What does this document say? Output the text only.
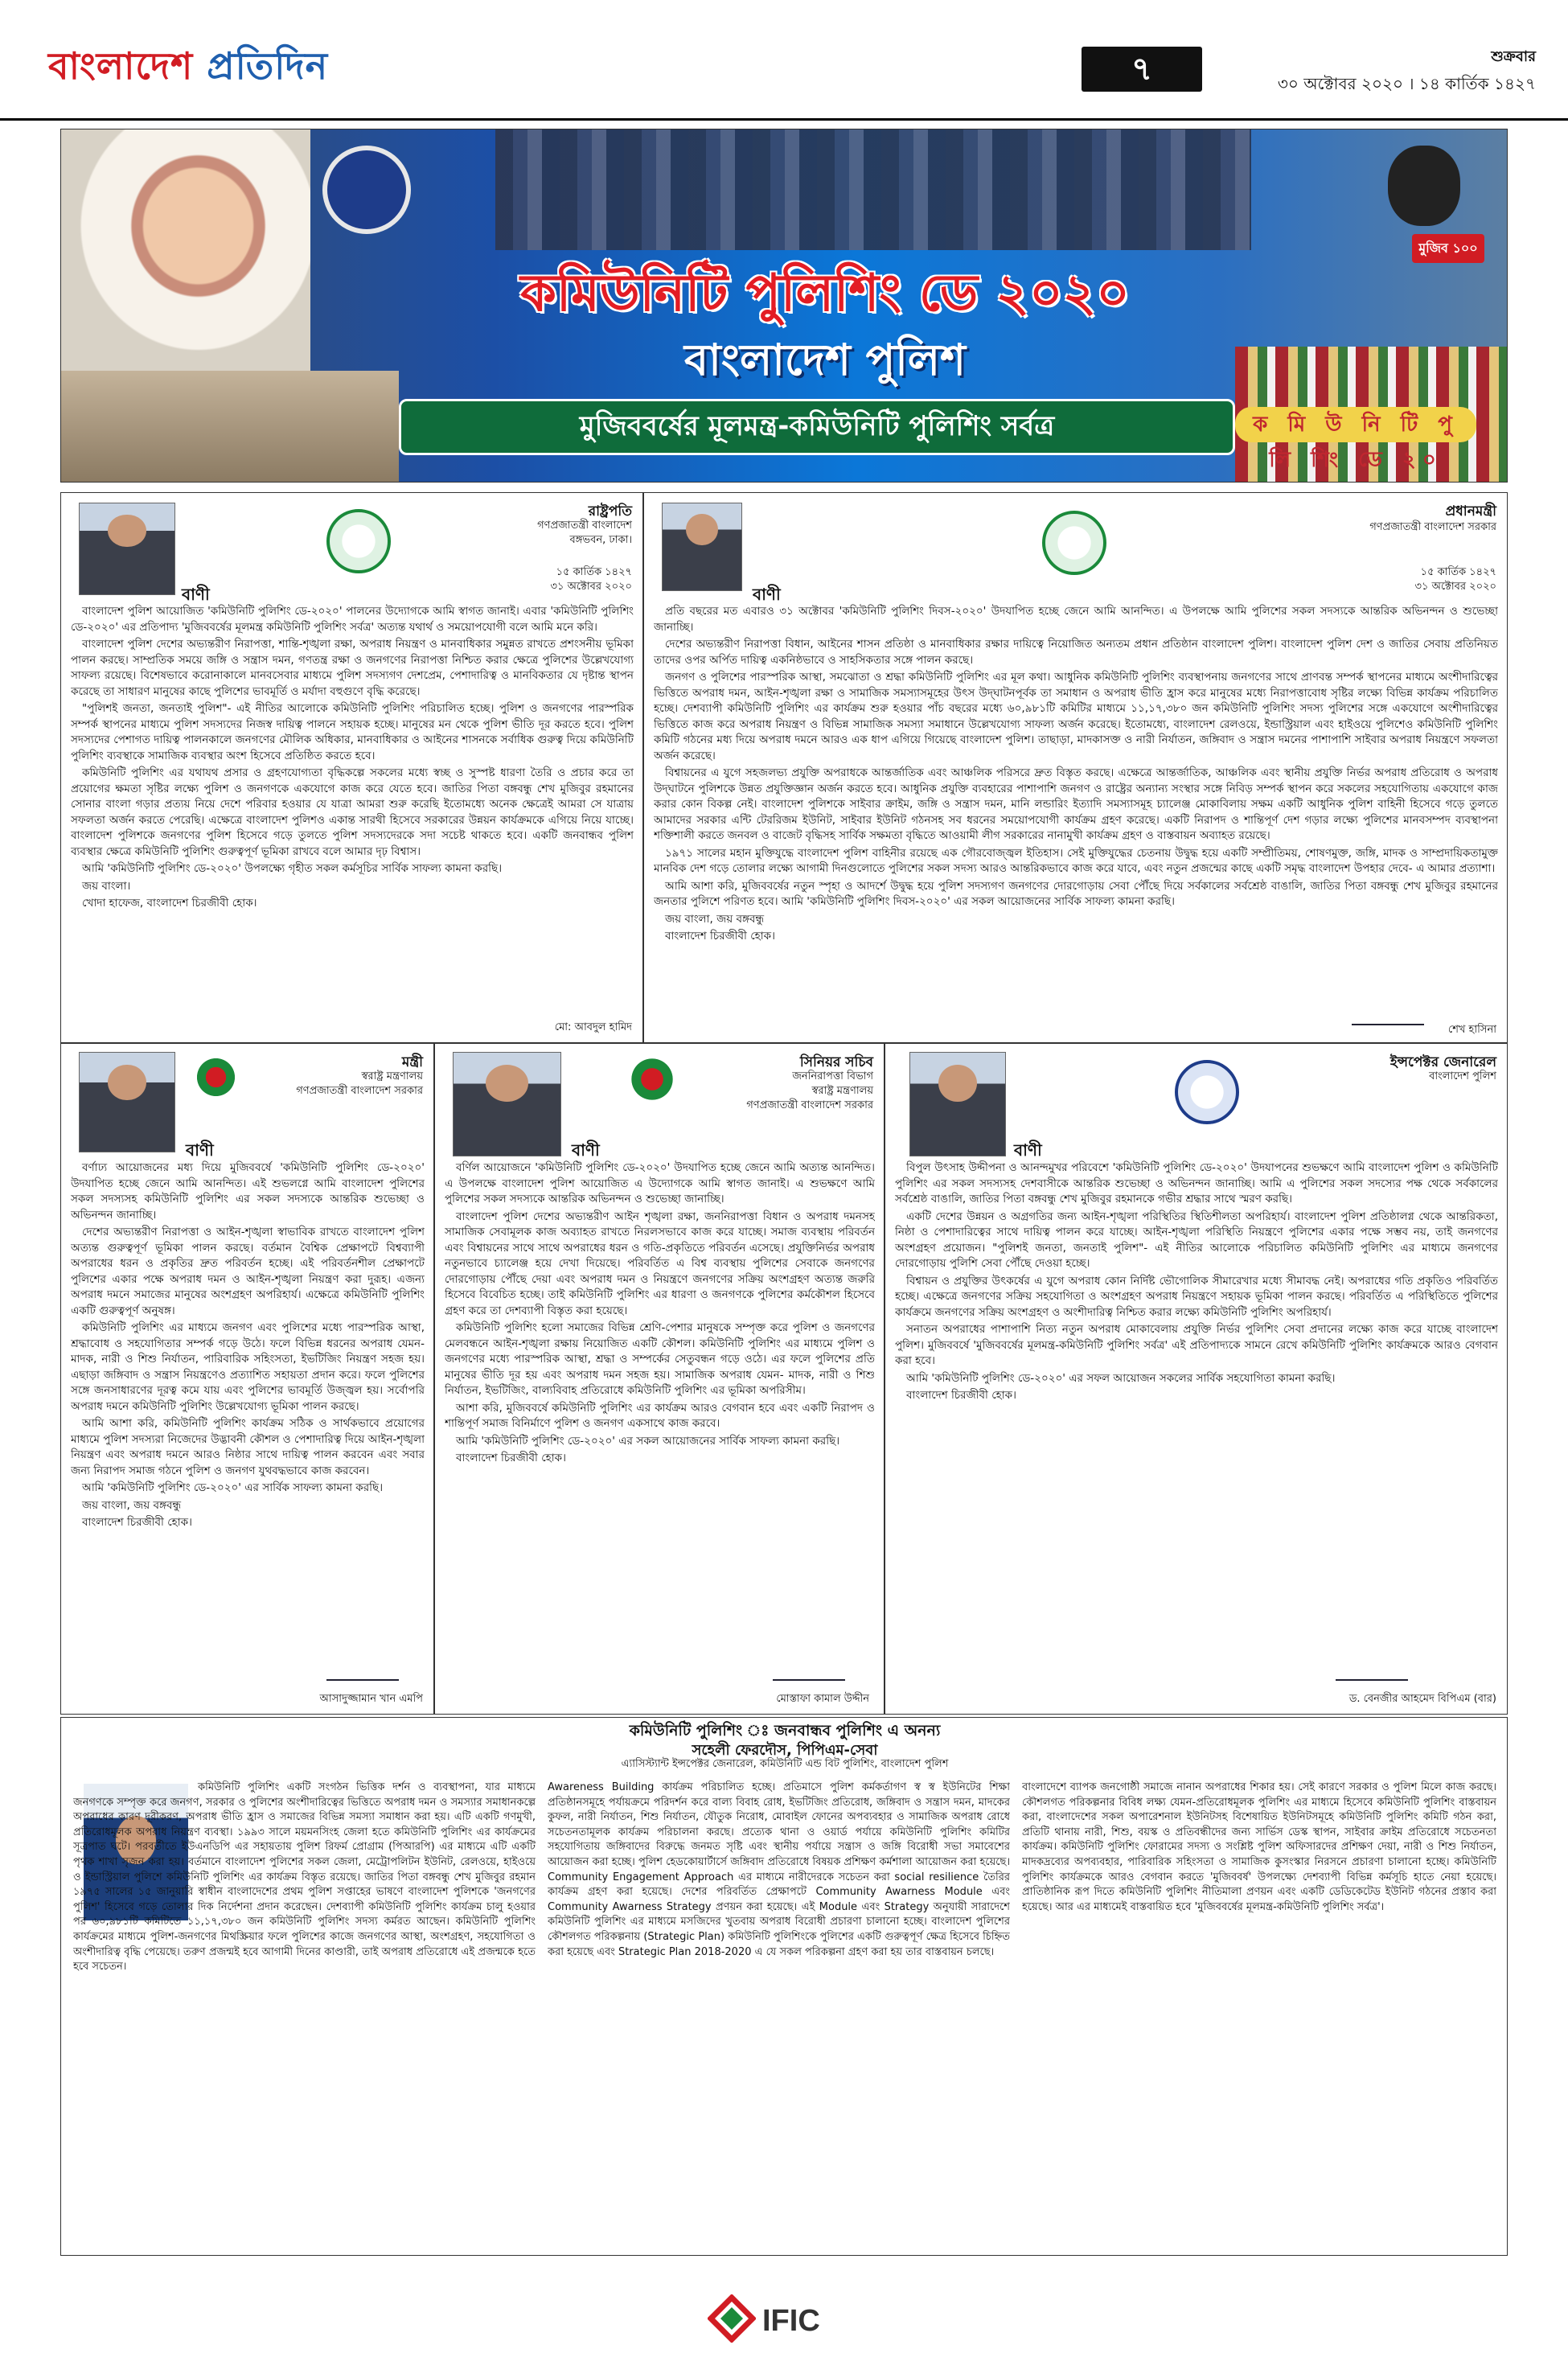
বাংলাদেশ প্রতিদিন	৭	শুক্রবার
৩০ অক্টোবর ২০২০ । ১৪ কার্তিক ১৪২৭
মুজিব ১০০
কমিউনিটি পুলিশিং ডে ২০২০
বাংলাদেশ পুলিশ
মুজিববর্ষের মূলমন্ত্র-কমিউনিটি পুলিশিং সর্বত্র	ক মি উ নি টি পু লি শিং ডে ২০
রাষ্ট্রপতি
গণপ্রজাতন্ত্রী বাংলাদেশ
বঙ্গভবন, ঢাকা।
১৫ কার্তিক ১৪২৭
৩১ অক্টোবর ২০২০
বাণী

বাংলাদেশ পুলিশ আয়োজিত 'কমিউনিটি পুলিশিং ডে-২০২০' পালনের উদ্যোগকে আমি স্বাগত জানাই। এবার 'কমিউনিটি পুলিশিং ডে-২০২০' এর প্রতিপাদ্য 'মুজিববর্ষের মূলমন্ত্র কমিউনিটি পুলিশিং সর্বত্র' অত্যন্ত যথার্থ ও সময়োপযোগী বলে আমি মনে করি।

বাংলাদেশ পুলিশ দেশের অভ্যন্তরীণ নিরাপত্তা, শান্তি-শৃঙ্খলা রক্ষা, অপরাধ নিয়ন্ত্রণ ও মানবাধিকার সমুন্নত রাখতে প্রশংসনীয় ভূমিকা পালন করছে। সাম্প্রতিক সময়ে জঙ্গি ও সন্ত্রাস দমন, গণতন্ত্র রক্ষা ও জনগণের নিরাপত্তা নিশ্চিত করার ক্ষেত্রে পুলিশের উল্লেখযোগ্য সাফল্য রয়েছে। বিশেষভাবে করোনাকালে মানবসেবার মাধ্যমে পুলিশ সদস্যগণ দেশপ্রেম, পেশাদারিত্ব ও মানবিকতার যে দৃষ্টান্ত স্থাপন করেছে তা সাধারণ মানুষের কাছে পুলিশের ভাবমূর্তি ও মর্যাদা বহুগুণে বৃদ্ধি করেছে।

"পুলিশই জনতা, জনতাই পুলিশ"- এই নীতির আলোকে কমিউনিটি পুলিশিং পরিচালিত হচ্ছে। পুলিশ ও জনগণের পারস্পরিক সম্পর্ক স্থাপনের মাধ্যমে পুলিশ সদস্যদের নিজস্ব দায়িত্ব পালনে সহায়ক হচ্ছে। মানুষের মন থেকে পুলিশ ভীতি দূর করতে হবে। পুলিশ সদস্যদের পেশাগত দায়িত্ব পালনকালে জনগণের মৌলিক অধিকার, মানবাধিকার ও আইনের শাসনকে সর্বাধিক গুরুত্ব দিয়ে কমিউনিটি পুলিশিং ব্যবস্থাকে সামাজিক ব্যবস্থার অংশ হিসেবে প্রতিষ্ঠিত করতে হবে।

কমিউনিটি পুলিশিং এর যথাযথ প্রসার ও গ্রহণযোগ্যতা বৃদ্ধিকল্পে সকলের মধ্যে স্বচ্ছ ও সুস্পষ্ট ধারণা তৈরি ও প্রচার করে তা প্রয়োগের ক্ষমতা সৃষ্টির লক্ষ্যে পুলিশ ও জনগণকে একযোগে কাজ করে যেতে হবে। জাতির পিতা বঙ্গবন্ধু শেখ মুজিবুর রহমানের সোনার বাংলা গড়ার প্রত্যয় নিয়ে দেশে পরিবার হওয়ার যে যাত্রা আমরা শুরু করেছি ইতোমধ্যে অনেক ক্ষেত্রেই আমরা সে যাত্রায় সফলতা অর্জন করতে পেরেছি। এক্ষেত্রে বাংলাদেশ পুলিশও একান্ত সারথী হিসেবে সরকারের উন্নয়ন কার্যক্রমকে এগিয়ে নিয়ে যাচ্ছে। বাংলাদেশ পুলিশকে জনগণের পুলিশ হিসেবে গড়ে তুলতে পুলিশ সদস্যদেরকে সদা সচেষ্ট থাকতে হবে। একটি জনবান্ধব পুলিশ ব্যবস্থার ক্ষেত্রে কমিউনিটি পুলিশিং গুরুত্বপূর্ণ ভূমিকা রাখবে বলে আমার দৃঢ় বিশ্বাস।

আমি 'কমিউনিটি পুলিশিং ডে-২০২০' উপলক্ষ্যে গৃহীত সকল কর্মসূচির সার্বিক সাফল্য কামনা করছি।

জয় বাংলা।

খোদা হাফেজ, বাংলাদেশ চিরজীবী হোক।

মো: আবদুল হামিদ
প্রধানমন্ত্রী
গণপ্রজাতন্ত্রী বাংলাদেশ সরকার
১৫ কার্তিক ১৪২৭
৩১ অক্টোবর ২০২০
বাণী

প্রতি বছরের মত এবারও ৩১ অক্টোবর 'কমিউনিটি পুলিশিং দিবস-২০২০' উদযাপিত হচ্ছে জেনে আমি আনন্দিত। এ উপলক্ষে আমি পুলিশের সকল সদস্যকে আন্তরিক অভিনন্দন ও শুভেচ্ছা জানাচ্ছি।

দেশের অভ্যন্তরীণ নিরাপত্তা বিধান, আইনের শাসন প্রতিষ্ঠা ও মানবাধিকার রক্ষার দায়িত্বে নিয়োজিত অন্যতম প্রধান প্রতিষ্ঠান বাংলাদেশ পুলিশ। বাংলাদেশ পুলিশ দেশ ও জাতির সেবায় প্রতিনিয়ত তাদের ওপর অর্পিত দায়িত্ব একনিষ্ঠভাবে ও সাহসিকতার সঙ্গে পালন করছে।

জনগণ ও পুলিশের পারস্পরিক আস্থা, সমঝোতা ও শ্রদ্ধা কমিউনিটি পুলিশিং এর মূল কথা। আধুনিক কমিউনিটি পুলিশিং ব্যবস্থাপনায় জনগণের সাথে প্রাণবন্ত সম্পর্ক স্থাপনের মাধ্যমে অংশীদারিত্বের ভিত্তিতে অপরাধ দমন, আইন-শৃঙ্খলা রক্ষা ও সামাজিক সমস্যাসমূহের উৎস উদ্‌ঘাটনপূর্বক তা সমাধান ও অপরাধ ভীতি হ্রাস করে মানুষের মধ্যে নিরাপত্তাবোধ সৃষ্টির লক্ষ্যে বিভিন্ন কার্যক্রম পরিচালিত হচ্ছে। দেশব্যাপী কমিউনিটি পুলিশিং এর কার্যক্রম শুরু হওয়ার পাঁচ বছরের মধ্যে ৬০,৯৮১টি কমিটির মাধ্যমে ১১,১৭,৩৮০ জন কমিউনিটি পুলিশিং সদস্য পুলিশের সঙ্গে একযোগে অংশীদারিত্বের ভিত্তিতে কাজ করে অপরাধ নিয়ন্ত্রণ ও বিভিন্ন সামাজিক সমস্যা সমাধানে উল্লেখযোগ্য সাফল্য অর্জন করেছে। ইতোমধ্যে, বাংলাদেশ রেলওয়ে, ইন্ডাস্ট্রিয়াল এবং হাইওয়ে পুলিশেও কমিউনিটি পুলিশিং কমিটি গঠনের মধ্য দিয়ে অপরাধ দমনে আরও এক ধাপ এগিয়ে গিয়েছে বাংলাদেশ পুলিশ। তাছাড়া, মাদকাসক্ত ও নারী নির্যাতন, জঙ্গিবাদ ও সন্ত্রাস দমনের পাশাপাশি সাইবার অপরাধ নিয়ন্ত্রণে সফলতা অর্জন করেছে।

বিশ্বায়নের এ যুগে সহজলভ্য প্রযুক্তি অপরাধকে আন্তর্জাতিক এবং আঞ্চলিক পরিসরে দ্রুত বিস্তৃত করছে। এক্ষেত্রে আন্তর্জাতিক, আঞ্চলিক এবং স্থানীয় প্রযুক্তি নির্ভর অপরাধ প্রতিরোধ ও অপরাধ উদ্‌ঘাটনে পুলিশকে উন্নত প্রযুক্তিজ্ঞান অর্জন করতে হবে। আধুনিক প্রযুক্তি ব্যবহারের পাশাপাশি জনগণ ও রাষ্ট্রের অন্যান্য সংস্থার সঙ্গে নিবিড় সম্পর্ক স্থাপন করে সকলের সহযোগিতায় একযোগে কাজ করার কোন বিকল্প নেই। বাংলাদেশ পুলিশকে সাইবার ক্রাইম, জঙ্গি ও সন্ত্রাস দমন, মানি লন্ডারিং ইত্যাদি সমস্যাসমূহ চ্যালেঞ্জ মোকাবিলায় সক্ষম একটি আধুনিক পুলিশ বাহিনী হিসেবে গড়ে তুলতে আমাদের সরকার এন্টি টেররিজম ইউনিট, সাইবার ইউনিট গঠনসহ সব ধরনের সময়োপযোগী কার্যক্রম গ্রহণ করেছে। একটি নিরাপদ ও শান্তিপূর্ণ দেশ গড়ার লক্ষ্যে পুলিশের মানবসম্পদ ব্যবস্থাপনা শক্তিশালী করতে জনবল ও বাজেট বৃদ্ধিসহ সার্বিক সক্ষমতা বৃদ্ধিতে আওয়ামী লীগ সরকারের নানামুখী কার্যক্রম গ্রহণ ও বাস্তবায়ন অব্যাহত রয়েছে।

১৯৭১ সালের মহান মুক্তিযুদ্ধে বাংলাদেশ পুলিশ বাহিনীর রয়েছে এক গৌরবোজ্জ্বল ইতিহাস। সেই মুক্তিযুদ্ধের চেতনায় উদ্বুদ্ধ হয়ে একটি সম্প্রীতিময়, শোষণমুক্ত, জঙ্গি, মাদক ও সাম্প্রদায়িকতামুক্ত মানবিক দেশ গড়ে তোলার লক্ষ্যে আগামী দিনগুলোতে পুলিশের সকল সদস্য আরও আন্তরিকভাবে কাজ করে যাবে, এবং নতুন প্রজন্মের কাছে একটি সমৃদ্ধ বাংলাদেশ উপহার দেবে- এ আমার প্রত্যাশা।

আমি আশা করি, মুজিববর্ষের নতুন স্পৃহা ও আদর্শে উদ্বুদ্ধ হয়ে পুলিশ সদস্যগণ জনগণের দোরগোড়ায় সেবা পৌঁছে দিয়ে সর্বকালের সর্বশ্রেষ্ঠ বাঙালি, জাতির পিতা বঙ্গবন্ধু শেখ মুজিবুর রহমানের জনতার পুলিশে পরিণত হবে। আমি 'কমিউনিটি পুলিশিং দিবস-২০২০' এর সকল আয়োজনের সার্বিক সাফল্য কামনা করছি।

জয় বাংলা, জয় বঙ্গবন্ধু

বাংলাদেশ চিরজীবী হোক।

শেখ হাসিনা
মন্ত্রী
স্বরাষ্ট্র মন্ত্রণালয়
গণপ্রজাতন্ত্রী বাংলাদেশ সরকার
বাণী

বর্ণাঢ্য আয়োজনের মধ্য দিয়ে মুজিববর্ষে 'কমিউনিটি পুলিশিং ডে-২০২০' উদযাপিত হচ্ছে জেনে আমি আনন্দিত। এই শুভলগ্নে আমি বাংলাদেশ পুলিশের সকল সদস্যসহ কমিউনিটি পুলিশিং এর সকল সদস্যকে আন্তরিক শুভেচ্ছা ও অভিনন্দন জানাচ্ছি।

দেশের অভ্যন্তরীণ নিরাপত্তা ও আইন-শৃঙ্খলা স্বাভাবিক রাখতে বাংলাদেশ পুলিশ অত্যন্ত গুরুত্বপূর্ণ ভূমিকা পালন করছে। বর্তমান বৈশ্বিক প্রেক্ষাপটে বিশ্বব্যাপী অপরাধের ধরন ও প্রকৃতির দ্রুত পরিবর্তন হচ্ছে। এই পরিবর্তনশীল প্রেক্ষাপটে পুলিশের একার পক্ষে অপরাধ দমন ও আইন-শৃঙ্খলা নিয়ন্ত্রণ করা দুরূহ। এজন্য অপরাধ দমনে সমাজের মানুষের অংশগ্রহণ অপরিহার্য। এক্ষেত্রে কমিউনিটি পুলিশিং একটি গুরুত্বপূর্ণ অনুষঙ্গ।

কমিউনিটি পুলিশিং এর মাধ্যমে জনগণ এবং পুলিশের মধ্যে পারস্পরিক আস্থা, শ্রদ্ধাবোধ ও সহযোগিতার সম্পর্ক গড়ে উঠে। ফলে বিভিন্ন ধরনের অপরাধ যেমন-মাদক, নারী ও শিশু নির্যাতন, পারিবারিক সহিংসতা, ইভটিজিং নিয়ন্ত্রণ সহজ হয়। এছাড়া জঙ্গিবাদ ও সন্ত্রাস নিয়ন্ত্রণেও প্রত্যাশিত সহায়তা প্রদান করে। ফলে পুলিশের সঙ্গে জনসাধারণের দূরত্ব কমে যায় এবং পুলিশের ভাবমূর্তি উজ্জ্বল হয়। সর্বোপরি অপরাধ দমনে কমিউনিটি পুলিশিং উল্লেখযোগ্য ভূমিকা পালন করছে।

আমি আশা করি, কমিউনিটি পুলিশিং কার্যক্রম সঠিক ও সার্থকভাবে প্রয়োগের মাধ্যমে পুলিশ সদস্যরা নিজেদের উদ্ভাবনী কৌশল ও পেশাদারিত্ব দিয়ে আইন-শৃঙ্খলা নিয়ন্ত্রণ এবং অপরাধ দমনে আরও নিষ্ঠার সাথে দায়িত্ব পালন করবেন এবং সবার জন্য নিরাপদ সমাজ গঠনে পুলিশ ও জনগণ যুথবদ্ধভাবে কাজ করবেন।

আমি 'কমিউনিটি পুলিশিং ডে-২০২০' এর সার্বিক সাফল্য কামনা করছি।

জয় বাংলা, জয় বঙ্গবন্ধু

বাংলাদেশ চিরজীবী হোক।

আসাদুজ্জামান খান এমপি
সিনিয়র সচিব
জননিরাপত্তা বিভাগ
স্বরাষ্ট্র মন্ত্রণালয়
গণপ্রজাতন্ত্রী বাংলাদেশ সরকার
বাণী

বর্ণিল আয়োজনে 'কমিউনিটি পুলিশিং ডে-২০২০' উদযাপিত হচ্ছে জেনে আমি অত্যন্ত আনন্দিত। এ উপলক্ষে বাংলাদেশ পুলিশ আয়োজিত এ উদ্যোগকে আমি স্বাগত জানাই। এ শুভক্ষণে আমি পুলিশের সকল সদস্যকে আন্তরিক অভিনন্দন ও শুভেচ্ছা জানাচ্ছি।

বাংলাদেশ পুলিশ দেশের অভ্যন্তরীণ আইন শৃঙ্খলা রক্ষা, জননিরাপত্তা বিধান ও অপরাধ দমনসহ সামাজিক সেবামূলক কাজ অব্যাহত রাখতে নিরলসভাবে কাজ করে যাচ্ছে। সমাজ ব্যবস্থায় পরিবর্তন এবং বিশ্বায়নের সাথে সাথে অপরাধের ধরন ও গতি-প্রকৃতিতে পরিবর্তন এসেছে। প্রযুক্তিনির্ভর অপরাধ নতুনভাবে চ্যালেঞ্জ হয়ে দেখা দিয়েছে। পরিবর্তিত এ বিশ্ব ব্যবস্থায় পুলিশের সেবাকে জনগণের দোরগোড়ায় পৌঁছে দেয়া এবং অপরাধ দমন ও নিয়ন্ত্রণে জনগণের সক্রিয় অংশগ্রহণ অত্যন্ত জরুরি হিসেবে বিবেচিত হচ্ছে। তাই কমিউনিটি পুলিশিং এর ধারণা ও জনগণকে পুলিশের কর্মকৌশল হিসেবে গ্রহণ করে তা দেশব্যাপী বিস্তৃত করা হয়েছে।

কমিউনিটি পুলিশিং হলো সমাজের বিভিন্ন শ্রেণি-পেশার মানুষকে সম্পৃক্ত করে পুলিশ ও জনগণের মেলবন্ধনে আইন-শৃঙ্খলা রক্ষায় নিয়োজিত একটি কৌশল। কমিউনিটি পুলিশিং এর মাধ্যমে পুলিশ ও জনগণের মধ্যে পারস্পরিক আস্থা, শ্রদ্ধা ও সম্পর্কের সেতুবন্ধন গড়ে ওঠে। এর ফলে পুলিশের প্রতি মানুষের ভীতি দূর হয় এবং অপরাধ দমন সহজ হয়। সামাজিক অপরাধ যেমন- মাদক, নারী ও শিশু নির্যাতন, ইভটিজিং, বাল্যবিবাহ প্রতিরোধে কমিউনিটি পুলিশিং এর ভূমিকা অপরিসীম।

আশা করি, মুজিববর্ষে কমিউনিটি পুলিশিং এর কার্যক্রম আরও বেগবান হবে এবং একটি নিরাপদ ও শান্তিপূর্ণ সমাজ বিনির্মাণে পুলিশ ও জনগণ একসাথে কাজ করবে।

আমি 'কমিউনিটি পুলিশিং ডে-২০২০' এর সকল আয়োজনের সার্বিক সাফল্য কামনা করছি।

বাংলাদেশ চিরজীবী হোক।

মোস্তাফা কামাল উদ্দীন
ইন্সপেক্টর জেনারেল
বাংলাদেশ পুলিশ
বাণী

বিপুল উৎসাহ উদ্দীপনা ও আনন্দমুখর পরিবেশে 'কমিউনিটি পুলিশিং ডে-২০২০' উদযাপনের শুভক্ষণে আমি বাংলাদেশ পুলিশ ও কমিউনিটি পুলিশিং এর সকল সদস্যসহ দেশবাসীকে আন্তরিক শুভেচ্ছা ও অভিনন্দন জানাচ্ছি। আমি এ পুলিশের সকল সদস্যের পক্ষ থেকে সর্বকালের সর্বশ্রেষ্ঠ বাঙালি, জাতির পিতা বঙ্গবন্ধু শেখ মুজিবুর রহমানকে গভীর শ্রদ্ধার সাথে স্মরণ করছি।

একটি দেশের উন্নয়ন ও অগ্রগতির জন্য আইন-শৃঙ্খলা পরিস্থিতির স্থিতিশীলতা অপরিহার্য। বাংলাদেশ পুলিশ প্রতিষ্ঠালগ্ন থেকে আন্তরিকতা, নিষ্ঠা ও পেশাদারিত্বের সাথে দায়িত্ব পালন করে যাচ্ছে। আইন-শৃঙ্খলা পরিস্থিতি নিয়ন্ত্রণে পুলিশের একার পক্ষে সম্ভব নয়, তাই জনগণের অংশগ্রহণ প্রয়োজন। "পুলিশই জনতা, জনতাই পুলিশ"- এই নীতির আলোকে পরিচালিত কমিউনিটি পুলিশিং এর মাধ্যমে জনগণের দোরগোড়ায় পুলিশি সেবা পৌঁছে দেওয়া হচ্ছে।

বিশ্বায়ন ও প্রযুক্তির উৎকর্ষের এ যুগে অপরাধ কোন নির্দিষ্ট ভৌগোলিক সীমারেখার মধ্যে সীমাবদ্ধ নেই। অপরাধের গতি প্রকৃতিও পরিবর্তিত হচ্ছে। এক্ষেত্রে জনগণের সক্রিয় সহযোগিতা ও অংশগ্রহণ অপরাধ নিয়ন্ত্রণে সহায়ক ভূমিকা পালন করছে। পরিবর্তিত এ পরিস্থিতিতে পুলিশের কার্যক্রমে জনগণের সক্রিয় অংশগ্রহণ ও অংশীদারিত্ব নিশ্চিত করার লক্ষ্যে কমিউনিটি পুলিশিং অপরিহার্য।

সনাতন অপরাধের পাশাপাশি নিত্য নতুন অপরাধ মোকাবেলায় প্রযুক্তি নির্ভর পুলিশিং সেবা প্রদানের লক্ষ্যে কাজ করে যাচ্ছে বাংলাদেশ পুলিশ। মুজিববর্ষে 'মুজিববর্ষের মূলমন্ত্র-কমিউনিটি পুলিশিং সর্বত্র' এই প্রতিপাদ্যকে সামনে রেখে কমিউনিটি পুলিশিং কার্যক্রমকে আরও বেগবান করা হবে।

আমি 'কমিউনিটি পুলিশিং ডে-২০২০' এর সফল আয়োজন সকলের সার্বিক সহযোগিতা কামনা করছি।

বাংলাদেশ চিরজীবী হোক।

ড. বেনজীর আহমেদ বিপিএম (বার)
কমিউনিটি পুলিশিং ঃ জনবান্ধব পুলিশিং এ অনন্য
সহেলী ফেরদৌস, পিপিএম-সেবা
এ্যাসিস্ট্যান্ট ইন্সপেক্টর জেনারেল, কমিউনিটি এন্ড বিট পুলিশিং, বাংলাদেশ পুলিশ
কমিউনিটি পুলিশিং একটি সংগঠন ভিত্তিক দর্শন ও ব্যবস্থাপনা, যার মাধ্যমে জনগণকে সম্পৃক্ত করে জনগণ, সরকার ও পুলিশের অংশীদারিত্বের ভিত্তিতে অপরাধ দমন ও সমস্যার সমাধানকল্পে অপরাধের কারণ দূরীকরণ, অপরাধ ভীতি হ্রাস ও সমাজের বিভিন্ন সমস্যা সমাধান করা হয়। এটি একটি গণমুখী, প্রতিরোধমূলক অপরাধ নিয়ন্ত্রণ ব্যবস্থা। ১৯৯৩ সালে ময়মনসিংহ জেলা হতে কমিউনিটি পুলিশিং এর কার্যক্রমের সূত্রপাত ঘটে। পরবর্তীতে ইউএনডিপি এর সহায়তায় পুলিশ রিফর্ম প্রোগ্রাম (পিআরপি) এর মাধ্যমে এটি একটি পৃথক শাখা সৃজন করা হয়। বর্তমানে বাংলাদেশ পুলিশের সকল জেলা, মেট্রোপলিটন ইউনিট, রেলওয়ে, হাইওয়ে ও ইন্ডাস্ট্রিয়াল পুলিশে কমিউনিটি পুলিশিং এর কার্যক্রম বিস্তৃত রয়েছে। জাতির পিতা বঙ্গবন্ধু শেখ মুজিবুর রহমান ১৯৭৫ সালের ১৫ জানুয়ারি স্বাধীন বাংলাদেশের প্রথম পুলিশ সপ্তাহের ভাষণে বাংলাদেশ পুলিশকে 'জনগণের পুলিশ' হিসেবে গড়ে তোলার দিক নির্দেশনা প্রদান করেছেন। দেশব্যাপী কমিউনিটি পুলিশিং কার্যক্রম চালু হওয়ার পর ৬০,৯৮১টি কমিটিতে ১১,১৭,৩৮০ জন কমিউনিটি পুলিশিং সদস্য কর্মরত আছেন। কমিউনিটি পুলিশিং কার্যক্রমের মাধ্যমে পুলিশ-জনগণের মিথস্ক্রিয়ার ফলে পুলিশের কাজে জনগণের আস্থা, অংশগ্রহণ, সহযোগিতা ও অংশীদারিত্ব বৃদ্ধি পেয়েছে। তরুণ প্রজন্মই হবে আগামী দিনের কাণ্ডারী, তাই অপরাধ প্রতিরোধে এই প্রজন্মকে হতে হবে সচেতন।
Awareness Building কার্যক্রম পরিচালিত হচ্ছে। প্রতিমাসে পুলিশ কর্মকর্তাগণ স্ব স্ব ইউনিটের শিক্ষা প্রতিষ্ঠানসমূহে পর্যায়ক্রমে পরিদর্শন করে বাল্য বিবাহ রোধ, ইভটিজিং প্রতিরোধ, জঙ্গিবাদ ও সন্ত্রাস দমন, মাদকের কুফল, নারী নির্যাতন, শিশু নির্যাতন, যৌতুক নিরোধ, মোবাইল ফোনের অপব্যবহার ও সামাজিক অপরাধ রোধে সচেতনতামূলক কার্যক্রম পরিচালনা করছে। প্রত্যেক থানা ও ওয়ার্ড পর্যায়ে কমিউনিটি পুলিশিং কমিটির সহযোগিতায় জঙ্গিবাদের বিরুদ্ধে জনমত সৃষ্টি এবং স্থানীয় পর্যায়ে সন্ত্রাস ও জঙ্গি বিরোধী সভা সমাবেশের আয়োজন করা হচ্ছে। পুলিশ হেডকোয়ার্টার্সে জঙ্গিবাদ প্রতিরোধে বিষয়ক প্রশিক্ষণ কর্মশালা আয়োজন করা হয়েছে। Community Engagement Approach এর মাধ্যমে নারীদেরকে সচেতন করা social resilience তৈরির কার্যক্রম গ্রহণ করা হয়েছে। দেশের পরিবর্তিত প্রেক্ষাপটে Community Awarness Module এবং Community Awarness Strategy প্রণয়ন করা হয়েছে। এই Module এবং Strategy অনুযায়ী সারাদেশে কমিউনিটি পুলিশিং এর মাধ্যমে মসজিদের খুতবায় অপরাধ বিরোধী প্রচারণা চালানো হচ্ছে। বাংলাদেশ পুলিশের কৌশলগত পরিকল্পনায় (Strategic Plan) কমিউনিটি পুলিশিংকে পুলিশের একটি গুরুত্বপূর্ণ ক্ষেত্র হিসেবে চিহ্নিত করা হয়েছে এবং Strategic Plan 2018-2020 এ যে সকল পরিকল্পনা গ্রহণ করা হয় তার বাস্তবায়ন চলছে।
বাংলাদেশে ব্যাপক জনগোষ্ঠী সমাজে নানান অপরাধের শিকার হয়। সেই কারণে সরকার ও পুলিশ মিলে কাজ করছে। কৌশলগত পরিকল্পনার বিবিধ লক্ষ্য যেমন-প্রতিরোধমূলক পুলিশিং এর মাধ্যমে হিসেবে কমিউনিটি পুলিশিং বাস্তবায়ন করা, বাংলাদেশের সকল অপারেশনাল ইউনিটসহ বিশেষায়িত ইউনিটসমূহে কমিউনিটি পুলিশিং কমিটি গঠন করা, প্রতিটি থানায় নারী, শিশু, বয়স্ক ও প্রতিবন্ধীদের জন্য সার্ভিস ডেস্ক স্থাপন, সাইবার ক্রাইম প্রতিরোধে সচেতনতা কার্যক্রম। কমিউনিটি পুলিশিং ফোরামের সদস্য ও সংশ্লিষ্ট পুলিশ অফিসারদের প্রশিক্ষণ দেয়া, নারী ও শিশু নির্যাতন, মাদকদ্রব্যের অপব্যবহার, পারিবারিক সহিংসতা ও সামাজিক কুসংস্কার নিরসনে প্রচারণা চালানো হচ্ছে। কমিউনিটি পুলিশিং কার্যক্রমকে আরও বেগবান করতে 'মুজিববর্ষ' উপলক্ষ্যে দেশব্যাপী বিভিন্ন কর্মসূচি হাতে নেয়া হয়েছে। প্রাতিষ্ঠানিক রূপ দিতে কমিউনিটি পুলিশিং নীতিমালা প্রণয়ন এবং একটি ডেডিকেটেড ইউনিট গঠনের প্রস্তাব করা হয়েছে। আর এর মাধ্যমেই বাস্তবায়িত হবে 'মুজিববর্ষের মূলমন্ত্র-কমিউনিটি পুলিশিং সর্বত্র'।
IFIC
